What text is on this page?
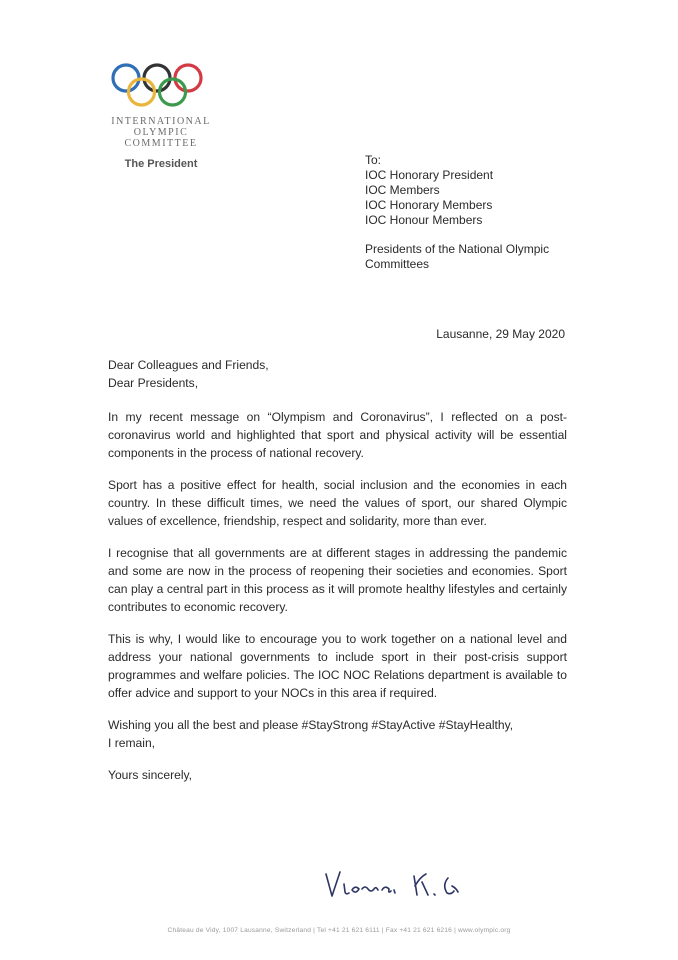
INTERNATIONAL
OLYMPIC
COMMITTEE
The President	To:
IOC Honorary President
IOC Members
IOC Honorary Members
IOC Honour Members
Presidents of the National Olympic
Committees
Lausanne, 29 May 2020

Dear Colleagues and Friends,
Dear Presidents,

In my recent message on “Olympism and Coronavirus”, I reflected on a post-coronavirus world and highlighted that sport and physical activity will be essential components in the process of national recovery.

Sport has a positive effect for health, social inclusion and the economies in each country. In these difficult times, we need the values of sport, our shared Olympic values of excellence, friendship, respect and solidarity, more than ever.

I recognise that all governments are at different stages in addressing the pandemic and some are now in the process of reopening their societies and economies. Sport can play a central part in this process as it will promote healthy lifestyles and certainly contributes to economic recovery.

This is why, I would like to encourage you to work together on a national level and address your national governments to include sport in their post-crisis support programmes and welfare policies. The IOC NOC Relations department is available to offer advice and support to your NOCs in this area if required.

Wishing you all the best and please #StayStrong #StayActive #StayHealthy,
I remain,

Yours sincerely,

Château de Vidy, 1007 Lausanne, Switzerland | Tel +41 21 621 6111 | Fax +41 21 621 6216 | www.olympic.org
